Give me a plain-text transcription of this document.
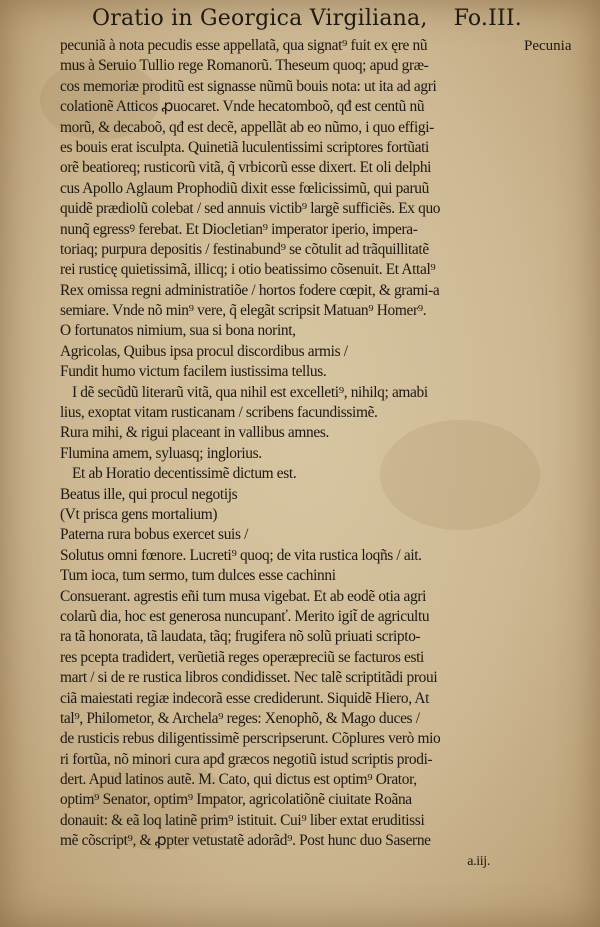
Oratio in Georgica Virgiliana, Fo.III.
Pecunia
pecuniã à nota pecudis esse appellatã, qua signat⁹ fuit ex ęre nũ
mus à Seruio Tullio rege Romanorũ. Theseum quoq; apud græ-
cos memoriæ proditũ est signasse nũmũ bouis nota: ut ita ad agri
colationẽ Atticos ꝓuocaret. Vnde hecatomboõ, qđ est centũ nũ
morũ, & decaboõ, qđ est decẽ, appellãt ab eo nũmo, i quo effigi-
es bouis erat isculpta. Quinetiã luculentissimi scriptores fortũati
orẽ beatioreq; rusticorũ vitã, q̃ vrbicorũ esse dixert. Et oli delphi
cus Apollo Aglaum Prophodiũ dixit esse fœlicissimũ, qui paruũ
quidẽ prædiolũ colebat / sed annuis victib⁹ largẽ sufficiẽs. Ex quo
nunq̃ egressꝰ ferebat. Et Diocletian⁹ imperator iperio, impera-
toriaq; purpura depositis / festinabund⁹ se cõtulit ad trãquillitatẽ
rei rusticę quietissimã, illicq; i otio beatissimo cõsenuit. Et Attal⁹
Rex omissa regni administratiõe / hortos fodere cœpit, & grami-a
semiare. Vnde nõ min⁹ vere, q̃ elegãt scripsit Matuan⁹ Homer⁹.
O fortunatos nimium, sua si bona norint,
Agricolas, Quibus ipsa procul discordibus armis /
Fundit humo victum facilem iustissima tellus.
I dẽ secũdũ literarũ vitã, qua nihil est excelleti⁹, nihilq; amabi
lius, exoptat vitam rusticanam / scribens facundissimẽ.
Rura mihi, & rigui placeant in vallibus amnes.
Flumina amem, syluasq; inglorius.
Et ab Horatio decentissimẽ dictum est.
Beatus ille, qui procul negotijs
(Vt prisca gens mortalium)
Paterna rura bobus exercet suis /
Solutus omni fœnore. Lucreti⁹ quoq; de vita rustica loqñs / ait.
Tum ioca, tum sermo, tum dulces esse cachinni
Consuerant. agrestis eñi tum musa vigebat. Et ab eodẽ otia agri
colarũ dia, hoc est generosa nuncupanť. Merito igit̃ de agricultu
ra tã honorata, tã laudata, tãq; frugifera nõ solũ priuati scripto-
res pcepta tradidert, verũetiã reges operæpreciũ se facturos esti
mart / si de re rustica libros condidisset. Nec talẽ scriptitãdi proui
ciã maiestati regiæ indecorã esse crediderunt. Siquidẽ Hiero, At
tal⁹, Philometor, & Archela⁹ reges: Xenophõ, & Mago duces /
de rusticis rebus diligentissimẽ perscripserunt. Cõplures verò mio
ri fortũa, nõ minori cura apđ græcos negotiũ istud scriptis prodi-
dert. Apud latinos autẽ. M. Cato, qui dictus est optim⁹ Orator,
optim⁹ Senator, optim⁹ Impator, agricolatiõnẽ ciuitate Roãna
donauit: & eã loq latinẽ prim⁹ istituit. Cui⁹ liber extat eruditissi
mẽ cõscript⁹, & ꝓpter vetustatẽ adorãd⁹. Post hunc duo Saserne
a.iij.
